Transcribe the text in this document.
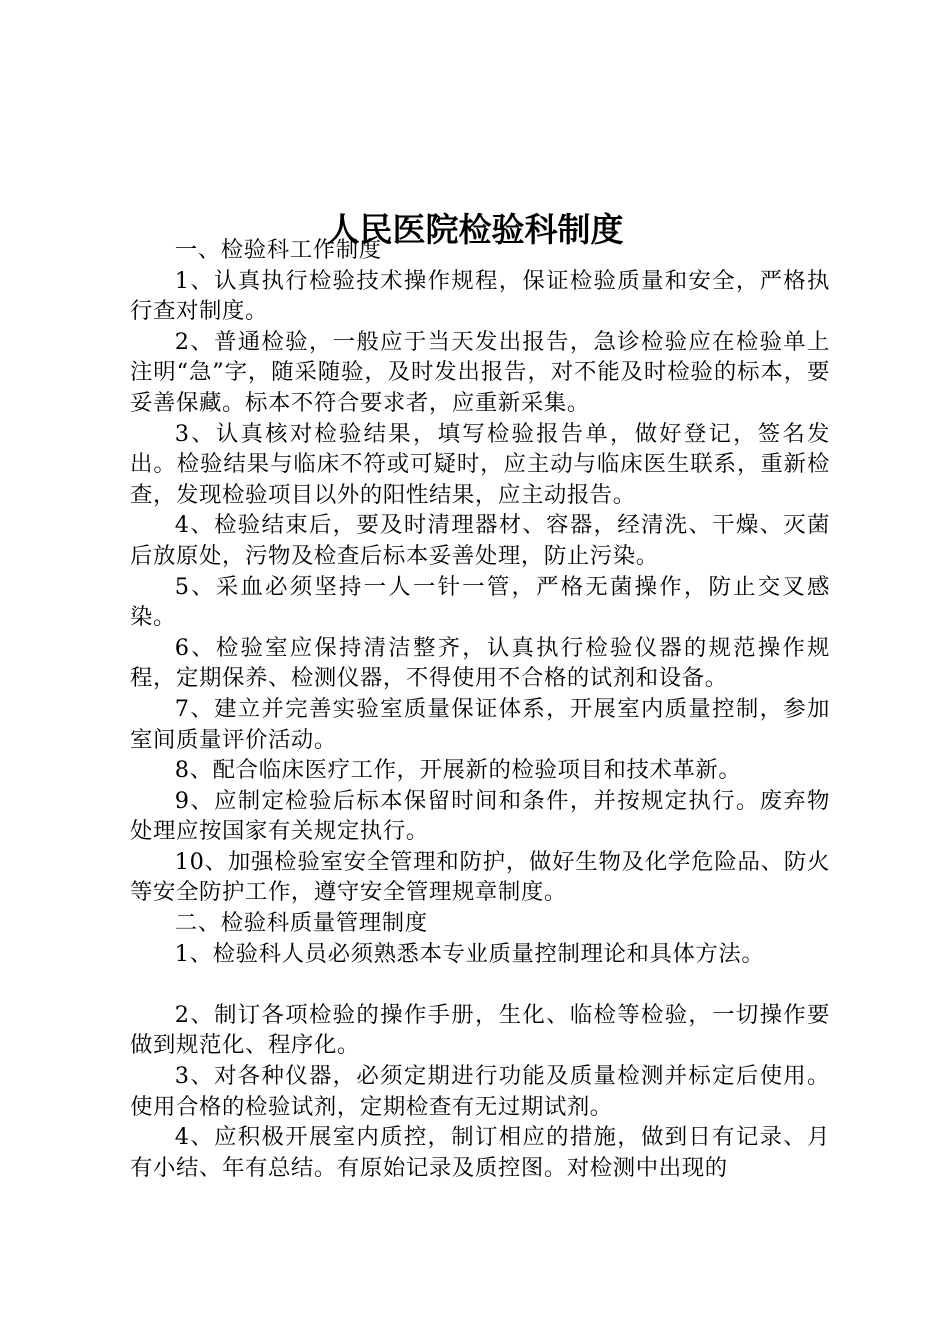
人民医院检验科制度

一、检验科工作制度

1、认真执行检验技术操作规程，保证检验质量和安全，严格执行查对制度。

2、普通检验，一般应于当天发出报告，急诊检验应在检验单上注明“急”字，随采随验，及时发出报告，对不能及时检验的标本，要妥善保藏。标本不符合要求者，应重新采集。

3、认真核对检验结果，填写检验报告单，做好登记，签名发出。检验结果与临床不符或可疑时，应主动与临床医生联系，重新检查，发现检验项目以外的阳性结果，应主动报告。

4、检验结束后，要及时清理器材、容器，经清洗、干燥、灭菌后放原处，污物及检查后标本妥善处理，防止污染。

5、采血必须坚持一人一针一管，严格无菌操作，防止交叉感染。

6、检验室应保持清洁整齐，认真执行检验仪器的规范操作规程，定期保养、检测仪器，不得使用不合格的试剂和设备。

7、建立并完善实验室质量保证体系，开展室内质量控制，参加室间质量评价活动。

8、配合临床医疗工作，开展新的检验项目和技术革新。

9、应制定检验后标本保留时间和条件，并按规定执行。废弃物处理应按国家有关规定执行。

10、加强检验室安全管理和防护，做好生物及化学危险品、防火等安全防护工作，遵守安全管理规章制度。

二、检验科质量管理制度

1、检验科人员必须熟悉本专业质量控制理论和具体方法。

2、制订各项检验的操作手册，生化、临检等检验，一切操作要做到规范化、程序化。

3、对各种仪器，必须定期进行功能及质量检测并标定后使用。使用合格的检验试剂，定期检查有无过期试剂。

4、应积极开展室内质控，制订相应的措施，做到日有记录、月有小结、年有总结。有原始记录及质控图。对检测中出现的
